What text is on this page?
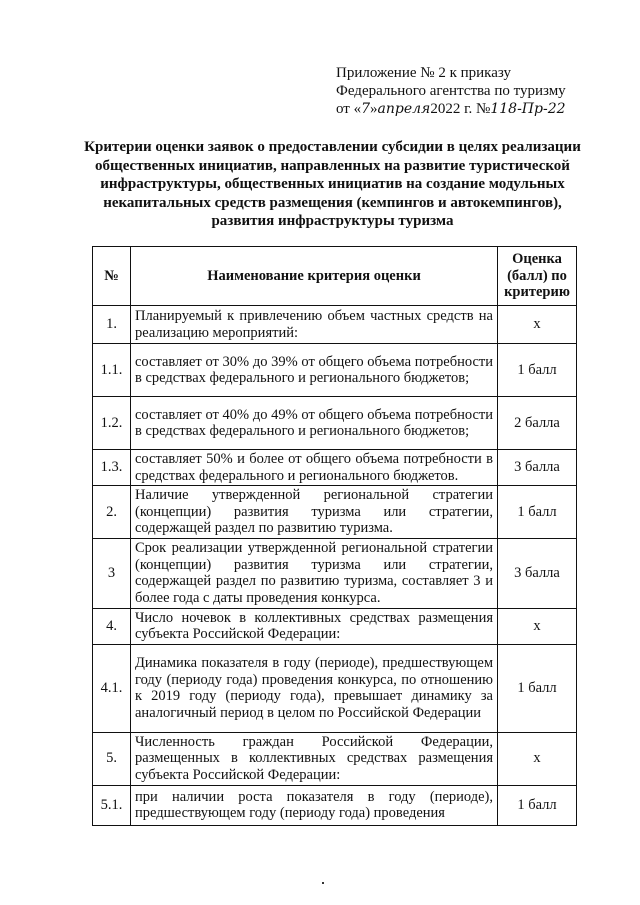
Приложение № 2 к приказу
Федерального агентства по туризму
от «7»апреля2022 г. №118-Пр-22
Критерии оценки заявок о предоставлении субсидии в целях реализации общественных инициатив, направленных на развитие туристической инфраструктуры, общественных инициатив на создание модульных некапитальных средств размещения (кемпингов и автокемпингов), развития инфраструктуры туризма
№	Наименование критерия оценки	Оценка (балл) по критерию
1.	Планируемый к привлечению объем частных средств на реализацию мероприятий:	х
1.1.	составляет от 30% до 39% от общего объема потребности в средствах федерального и регионального бюджетов;	1 балл
1.2.	составляет от 40% до 49% от общего объема потребности в средствах федерального и регионального бюджетов;	2 балла
1.3.	составляет 50% и более от общего объема потребности в средствах федерального и регионального бюджетов.	3 балла
2.	Наличие утвержденной региональной стратегии (концепции) развития туризма или стратегии, содержащей раздел по развитию туризма.	1 балл
3	Срок реализации утвержденной региональной стратегии (концепции) развития туризма или стратегии, содержащей раздел по развитию туризма, составляет 3 и более года с даты проведения конкурса.	3 балла
4.	Число ночевок в коллективных средствах размещения субъекта Российской Федерации:	х
4.1.	Динамика показателя в году (периоде), предшествующем году (периоду года) проведения конкурса, по отношению к 2019 году (периоду года), превышает динамику за аналогичный период в целом по Российской Федерации	1 балл
5.	Численность граждан Российской Федерации, размещенных в коллективных средствах размещения субъекта Российской Федерации:	х
5.1.	при наличии роста показателя в году (периоде), предшествующем году (периоду года) проведения	1 балл
